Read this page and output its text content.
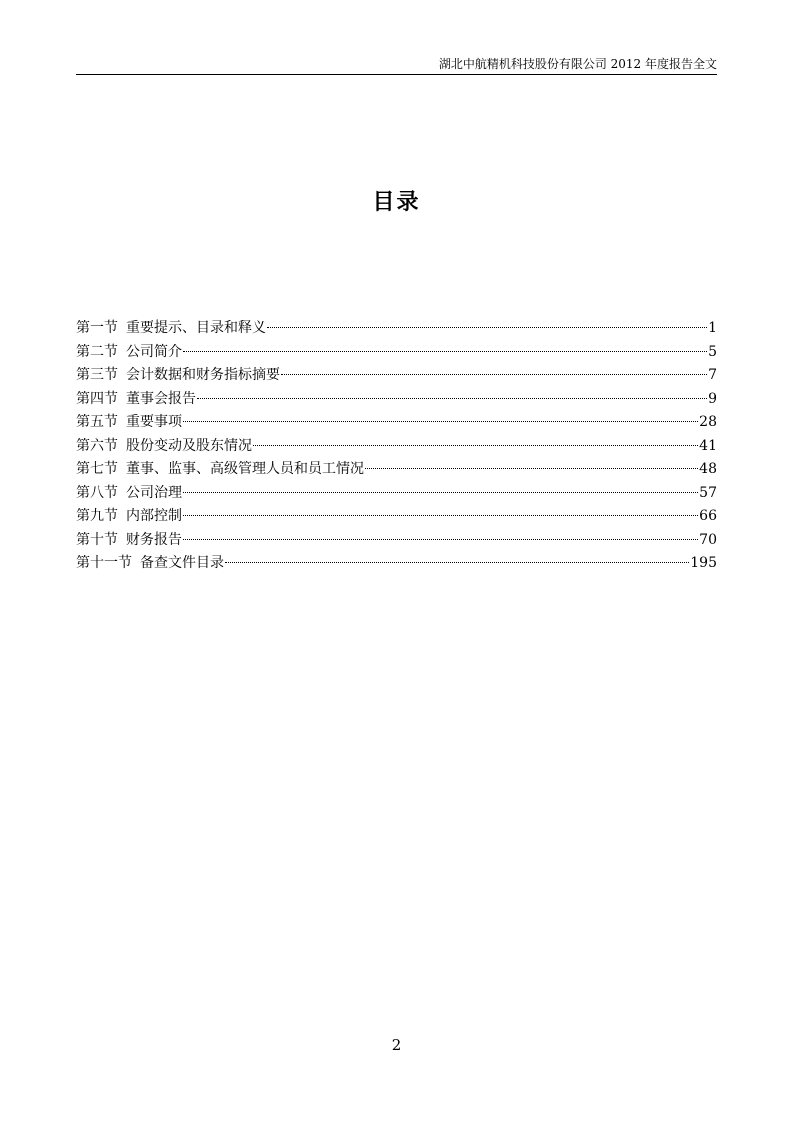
湖北中航精机科技股份有限公司 2012 年度报告全文
目录
第一节 重要提示、目录和释义	1
第二节 公司简介	5
第三节 会计数据和财务指标摘要	7
第四节 董事会报告	9
第五节 重要事项	28
第六节 股份变动及股东情况	41
第七节 董事、监事、高级管理人员和员工情况	48
第八节 公司治理	57
第九节 内部控制	66
第十节 财务报告	70
第十一节 备查文件目录	195
2
